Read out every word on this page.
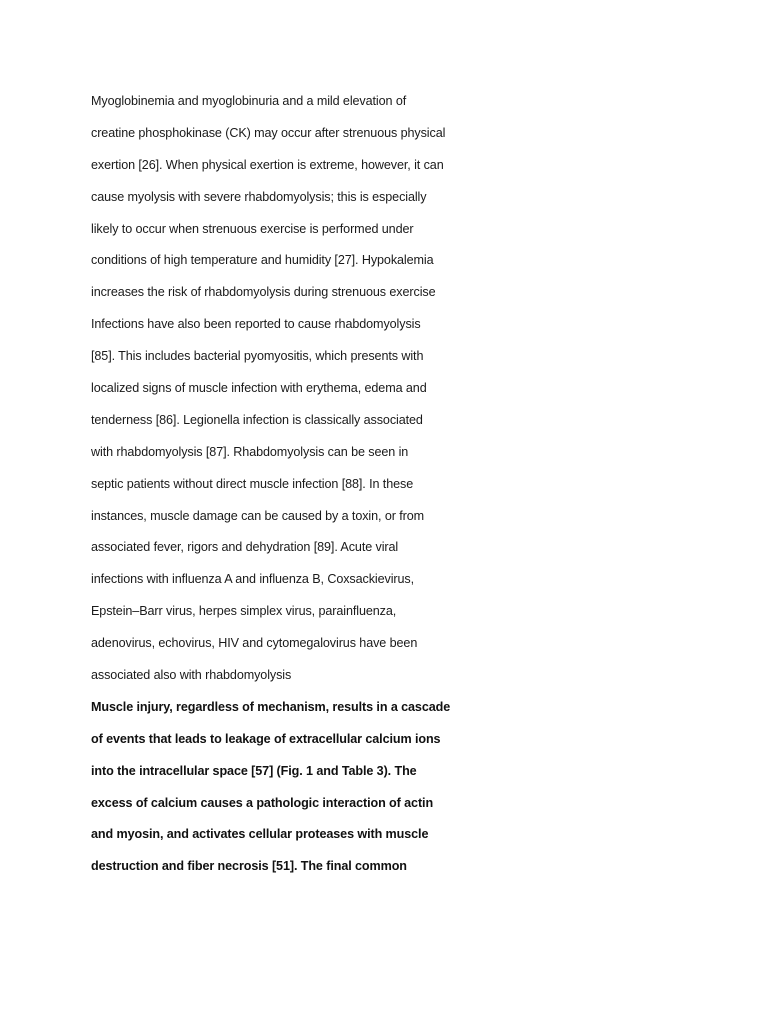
Myoglobinemia and myoglobinuria and a mild elevation of
creatine phosphokinase (CK) may occur after strenuous physical
exertion [26]. When physical exertion is extreme, however, it can
cause myolysis with severe rhabdomyolysis; this is especially
likely to occur when strenuous exercise is performed under
conditions of high temperature and humidity [27]. Hypokalemia
increases the risk of rhabdomyolysis during strenuous exercise
Infections have also been reported to cause rhabdomyolysis
[85]. This includes bacterial pyomyositis, which presents with
localized signs of muscle infection with erythema, edema and
tenderness [86]. Legionella infection is classically associated
with rhabdomyolysis [87]. Rhabdomyolysis can be seen in
septic patients without direct muscle infection [88]. In these
instances, muscle damage can be caused by a toxin, or from
associated fever, rigors and dehydration [89]. Acute viral
infections with influenza A and influenza B, Coxsackievirus,
Epstein–Barr virus, herpes simplex virus, parainfluenza,
adenovirus, echovirus, HIV and cytomegalovirus have been
associated also with rhabdomyolysis
Muscle injury, regardless of mechanism, results in a cascade
of events that leads to leakage of extracellular calcium ions
into the intracellular space [57] (Fig. 1 and Table 3). The
excess of calcium causes a pathologic interaction of actin
and myosin, and activates cellular proteases with muscle
destruction and fiber necrosis [51]. The final common
